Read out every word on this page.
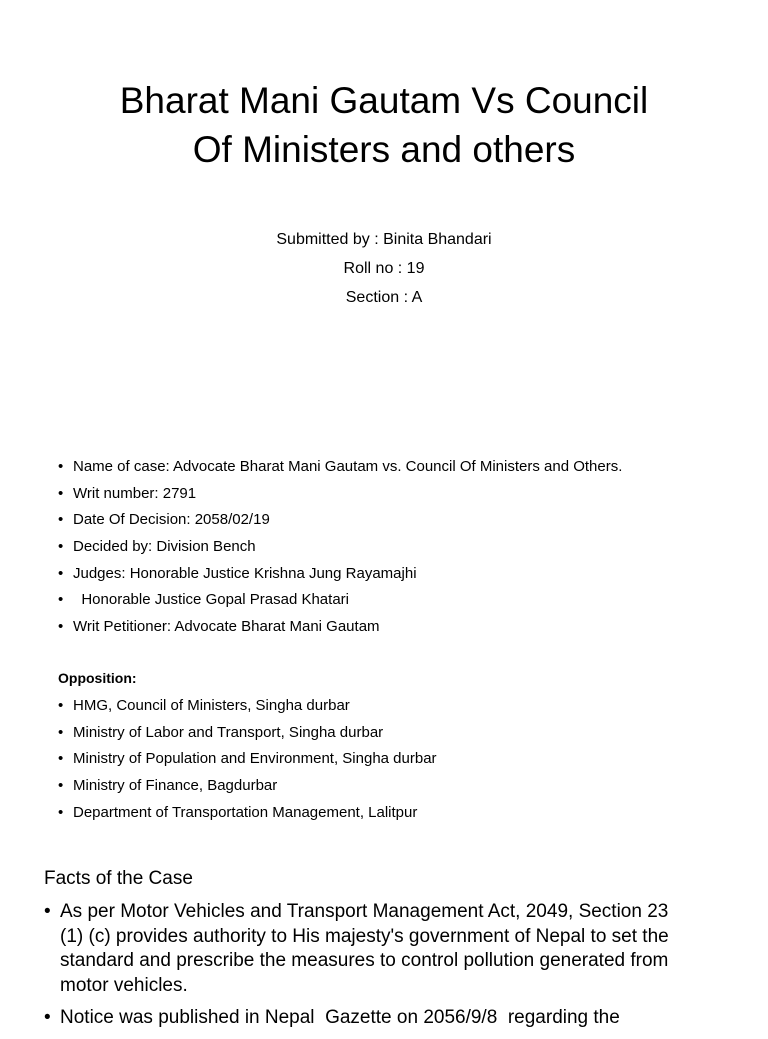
Bharat Mani Gautam Vs Council Of Ministers and others

Submitted by : Binita Bhandari

Roll no : 19

Section : A

• Name of case: Advocate Bharat Mani Gautam vs. Council Of Ministers and Others.
• Writ number: 2791
• Date Of Decision: 2058/02/19
• Decided by: Division Bench
• Judges: Honorable Justice Krishna Jung Rayamajhi
• Honorable Justice Gopal Prasad Khatari
• Writ Petitioner: Advocate Bharat Mani Gautam

Opposition:

• HMG, Council of Ministers, Singha durbar
• Ministry of Labor and Transport, Singha durbar
• Ministry of Population and Environment, Singha durbar
• Ministry of Finance, Bagdurbar
• Department of Transportation Management, Lalitpur
Facts of the Case
• As per Motor Vehicles and Transport Management Act, 2049, Section 23 (1) (c) provides authority to His majesty's government of Nepal to set the standard and prescribe the measures to control pollution generated from motor vehicles.
• Notice was published in Nepal  Gazette on 2056/9/8  regarding the
